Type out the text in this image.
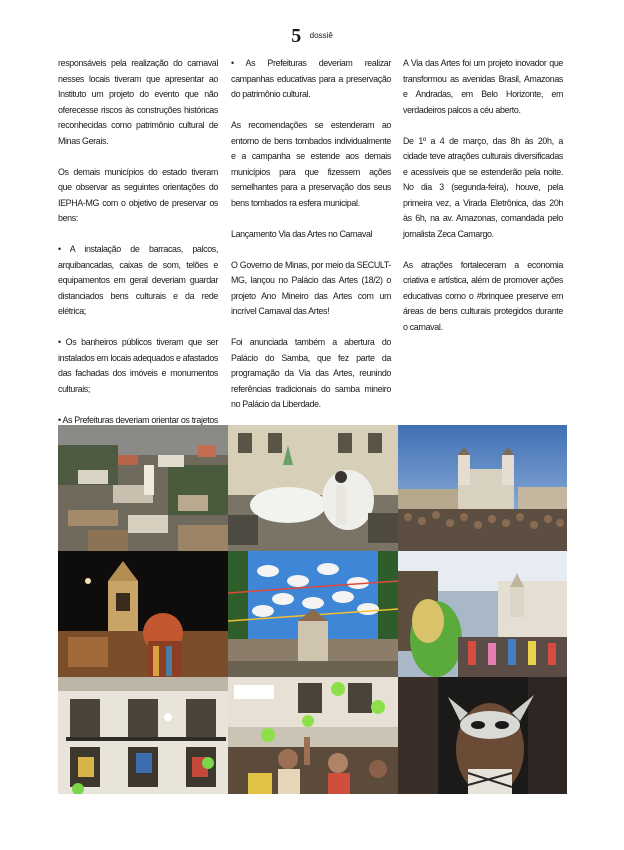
5 dossiê

responsáveis pela realização do carnaval nesses locais tiveram que apresentar ao Instituto um projeto do evento que não oferecesse riscos às construções históricas reconhecidas como patrimônio cultural de Minas Gerais.

Os demais municípios do estado tiveram que observar as seguintes orientações do IEPHA-MG com o objetivo de preservar os bens:

• A instalação de barracas, palcos, arquibancadas, caixas de som, telões e equipamentos em geral deveriam guardar distanciados bens culturais e da rede elétrica;

• Os banheiros públicos tiveram que ser instalados em locais adequados e afastados das fachadas dos imóveis e monumentos culturais;

• As Prefeituras deveriam orientar os trajetos

• As Prefeituras deveriam realizar campanhas educativas para a preservação do patrimônio cultural.

As recomendações se estenderam ao entorno de bens tombados individualmente e a campanha se estende aos demais municípios para que fizessem ações semelhantes para a preservação dos seus bens tombados ra esfera municipal.

Lançamento Via das Artes no Carnaval

O Governo de Minas, por meio da SECULT-MG, lançou no Palácio das Artes (18/2) o projeto Ano Mineiro das Artes com um incrível Carnaval das Artes!

Foi anunciada também a abertura do Palácio do Samba, que fez parte da programação da Via das Artes, reunindo referências tradicionais do samba mineiro no Palácio da Liberdade.

A Via das Artes foi um projeto inovador que transformou as avenidas Brasil, Amazonas e Andradas, em Belo Horizonte, em verdadeiros palcos a céu aberto.

De 1º a 4 de março, das 8h às 20h, a cidade teve atrações culturais diversificadas e acessíveis que se estenderão pela noite. No dia 3 (segunda-feira), houve, pela primeira vez, a Virada Eletrônica, das 20h às 6h, na av. Amazonas, comandada pelo jornalista Zeca Camargo.

As atrações fortaleceram a economia criativa e artística, além de promover ações educativas como o #brinquee preserve em áreas de bens culturais protegidos durante o carnaval.
